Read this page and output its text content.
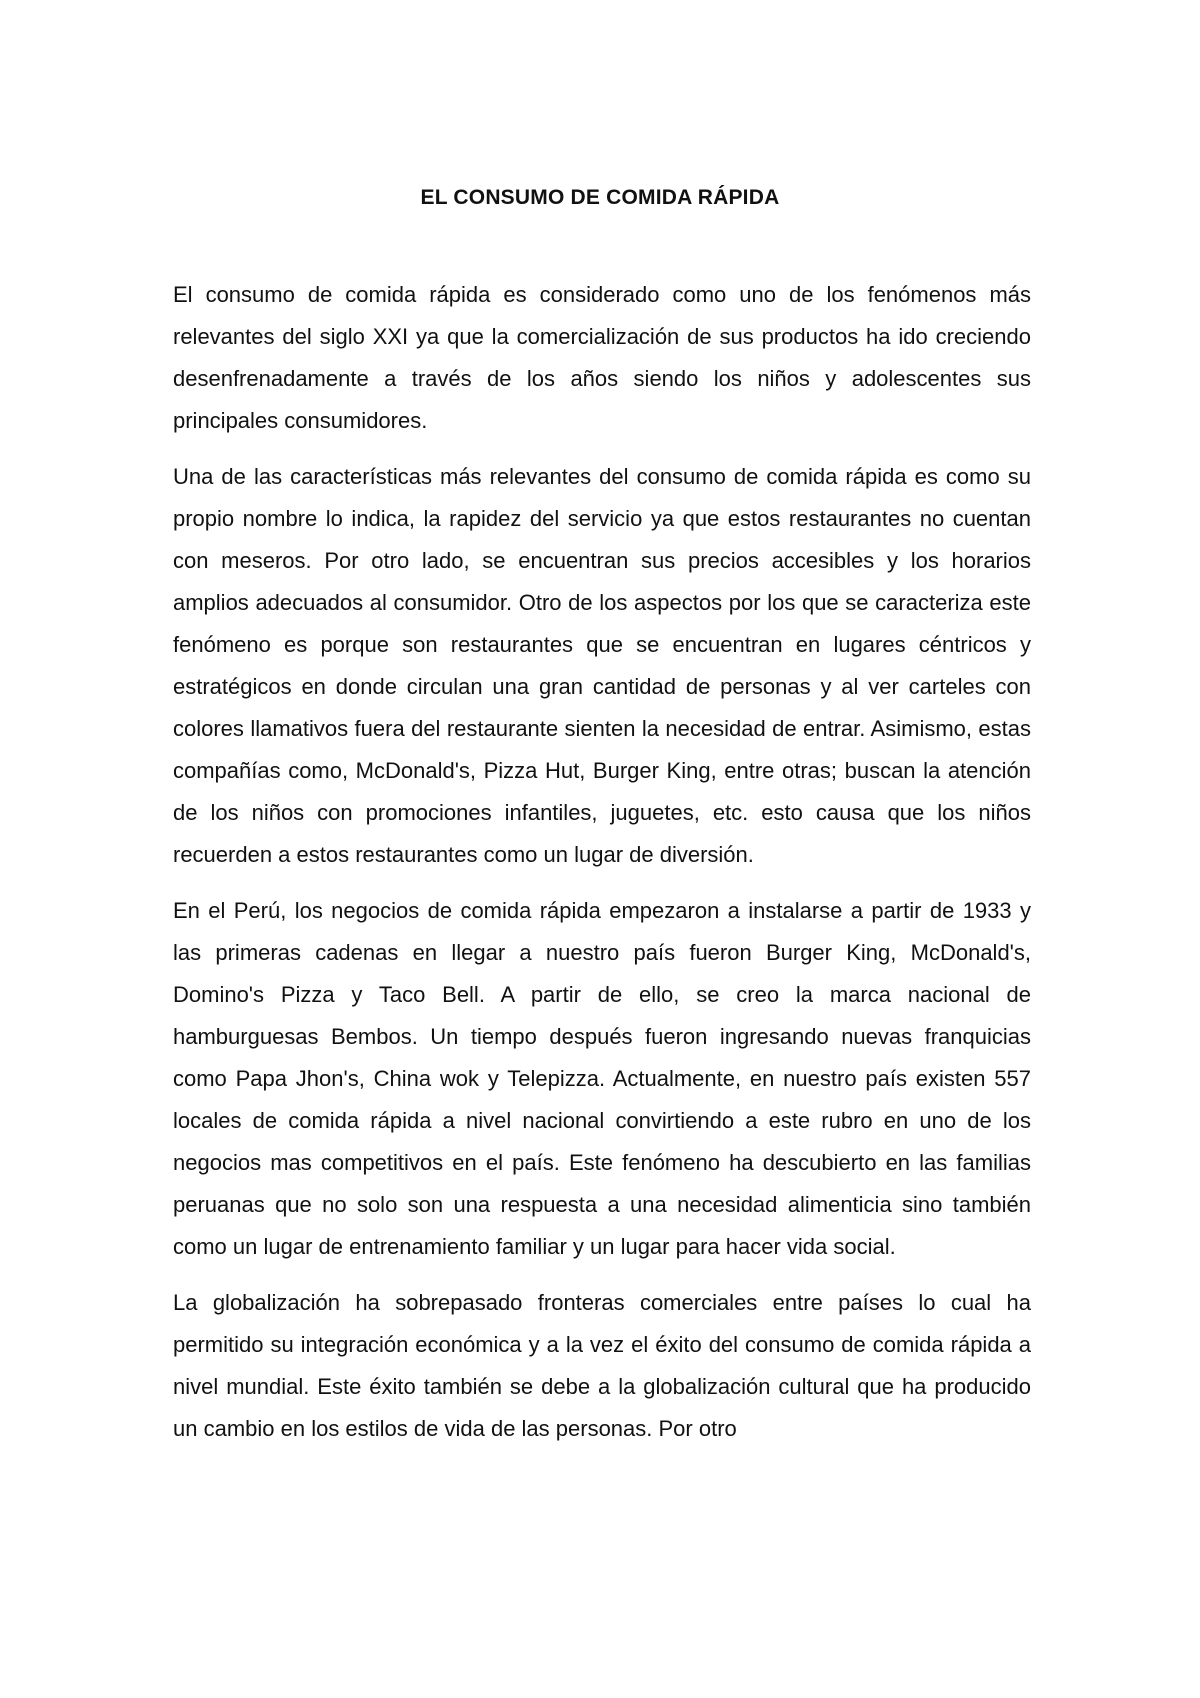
EL CONSUMO DE COMIDA RÁPIDA

El consumo de comida rápida es considerado como uno de los fenómenos más relevantes del siglo XXI ya que la comercialización de sus productos ha ido creciendo desenfrenadamente a través de los años siendo los niños y adolescentes sus principales consumidores.

Una de las características más relevantes del consumo de comida rápida es como su propio nombre lo indica, la rapidez del servicio ya que estos restaurantes no cuentan con meseros. Por otro lado, se encuentran sus precios accesibles y los horarios amplios adecuados al consumidor. Otro de los aspectos por los que se caracteriza este fenómeno es porque son restaurantes que se encuentran en lugares céntricos y estratégicos en donde circulan una gran cantidad de personas y al ver carteles con colores llamativos fuera del restaurante sienten la necesidad de entrar. Asimismo, estas compañías como, McDonald's, Pizza Hut, Burger King, entre otras; buscan la atención de los niños con promociones infantiles, juguetes, etc. esto causa que los niños recuerden a estos restaurantes como un lugar de diversión.

En el Perú, los negocios de comida rápida empezaron a instalarse a partir de 1933 y las primeras cadenas en llegar a nuestro país fueron Burger King, McDonald's, Domino's Pizza y Taco Bell. A partir de ello, se creo la marca nacional de hamburguesas Bembos. Un tiempo después fueron ingresando nuevas franquicias como Papa Jhon's, China wok y Telepizza. Actualmente, en nuestro país existen 557 locales de comida rápida a nivel nacional convirtiendo a este rubro en uno de los negocios mas competitivos en el país. Este fenómeno ha descubierto en las familias peruanas que no solo son una respuesta a una necesidad alimenticia sino también como un lugar de entrenamiento familiar y un lugar para hacer vida social.

La globalización ha sobrepasado fronteras comerciales entre países lo cual ha permitido su integración económica y a la vez el éxito del consumo de comida rápida a nivel mundial. Este éxito también se debe a la globalización cultural que ha producido un cambio en los estilos de vida de las personas. Por otro
